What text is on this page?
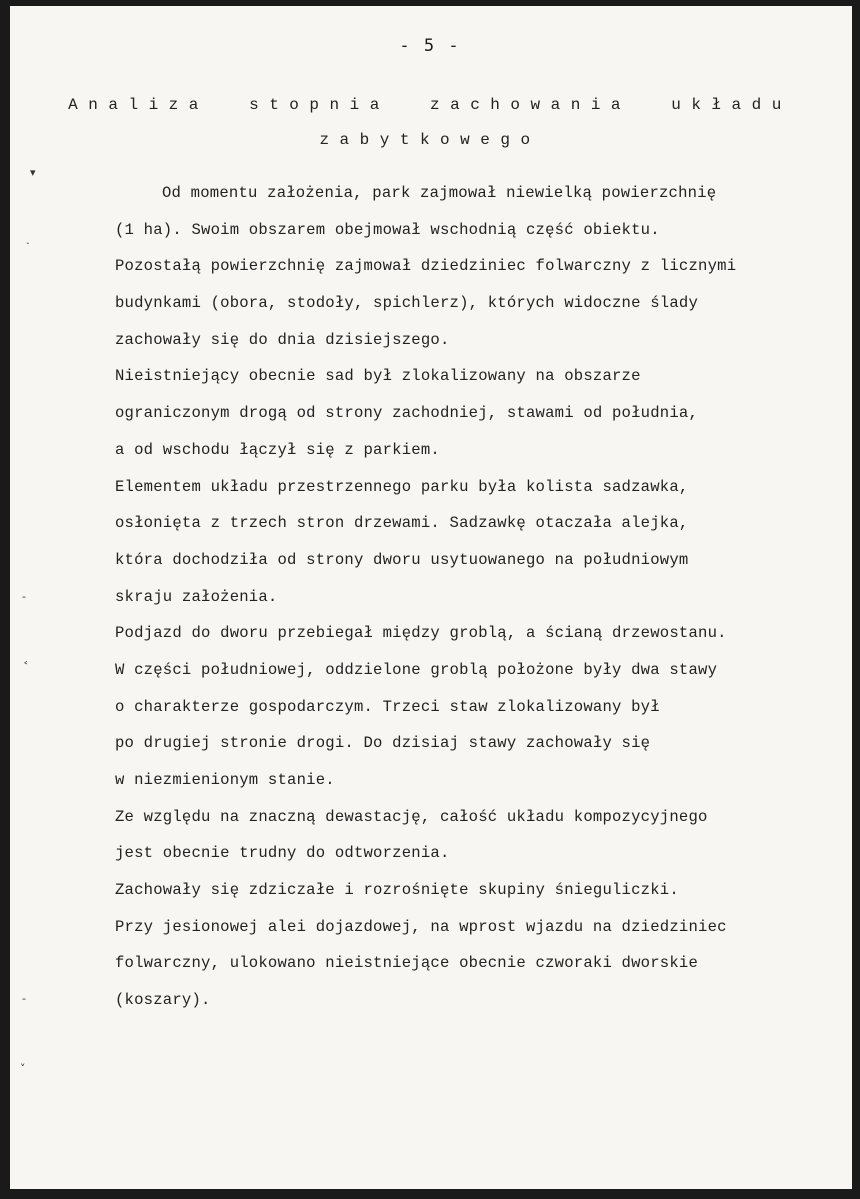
- 5 -
Analiza  stopnia  zachowania  układu
zabytkowego
Od momentu założenia, park zajmował niewielką powierzchnię
(1 ha). Swoim obszarem obejmował wschodnią część obiektu.
Pozostałą powierzchnię zajmował dziedziniec folwarczny z licznymi
budynkami (obora, stodoły, spichlerz), których widoczne ślady
zachowały się do dnia dzisiejszego.
Nieistniejący obecnie sad był zlokalizowany na obszarze
ograniczonym drogą od strony zachodniej, stawami od południa,
a od wschodu łączył się z parkiem.
Elementem układu przestrzennego parku była kolista sadzawka,
osłonięta z trzech stron drzewami. Sadzawkę otaczała alejka,
która dochodziła od strony dworu usytuowanego na południowym
skraju założenia.
Podjazd do dworu przebiegał między groblą, a ścianą drzewostanu.
W części południowej, oddzielone groblą położone były dwa stawy
o charakterze gospodarczym. Trzeci staw zlokalizowany był
po drugiej stronie drogi. Do dzisiaj stawy zachowały się
w niezmienionym stanie.
Ze względu na znaczną dewastację, całość układu kompozycyjnego
jest obecnie trudny do odtworzenia.
Zachowały się zdziczałe i rozrośnięte skupiny śnieguliczki.
Przy jesionowej alei dojazdowej, na wprost wjazdu na dziedziniec
folwarczny, ulokowano nieistniejące obecnie czworaki dworskie
(koszary).
▾
˰
-
˂
-
˅
